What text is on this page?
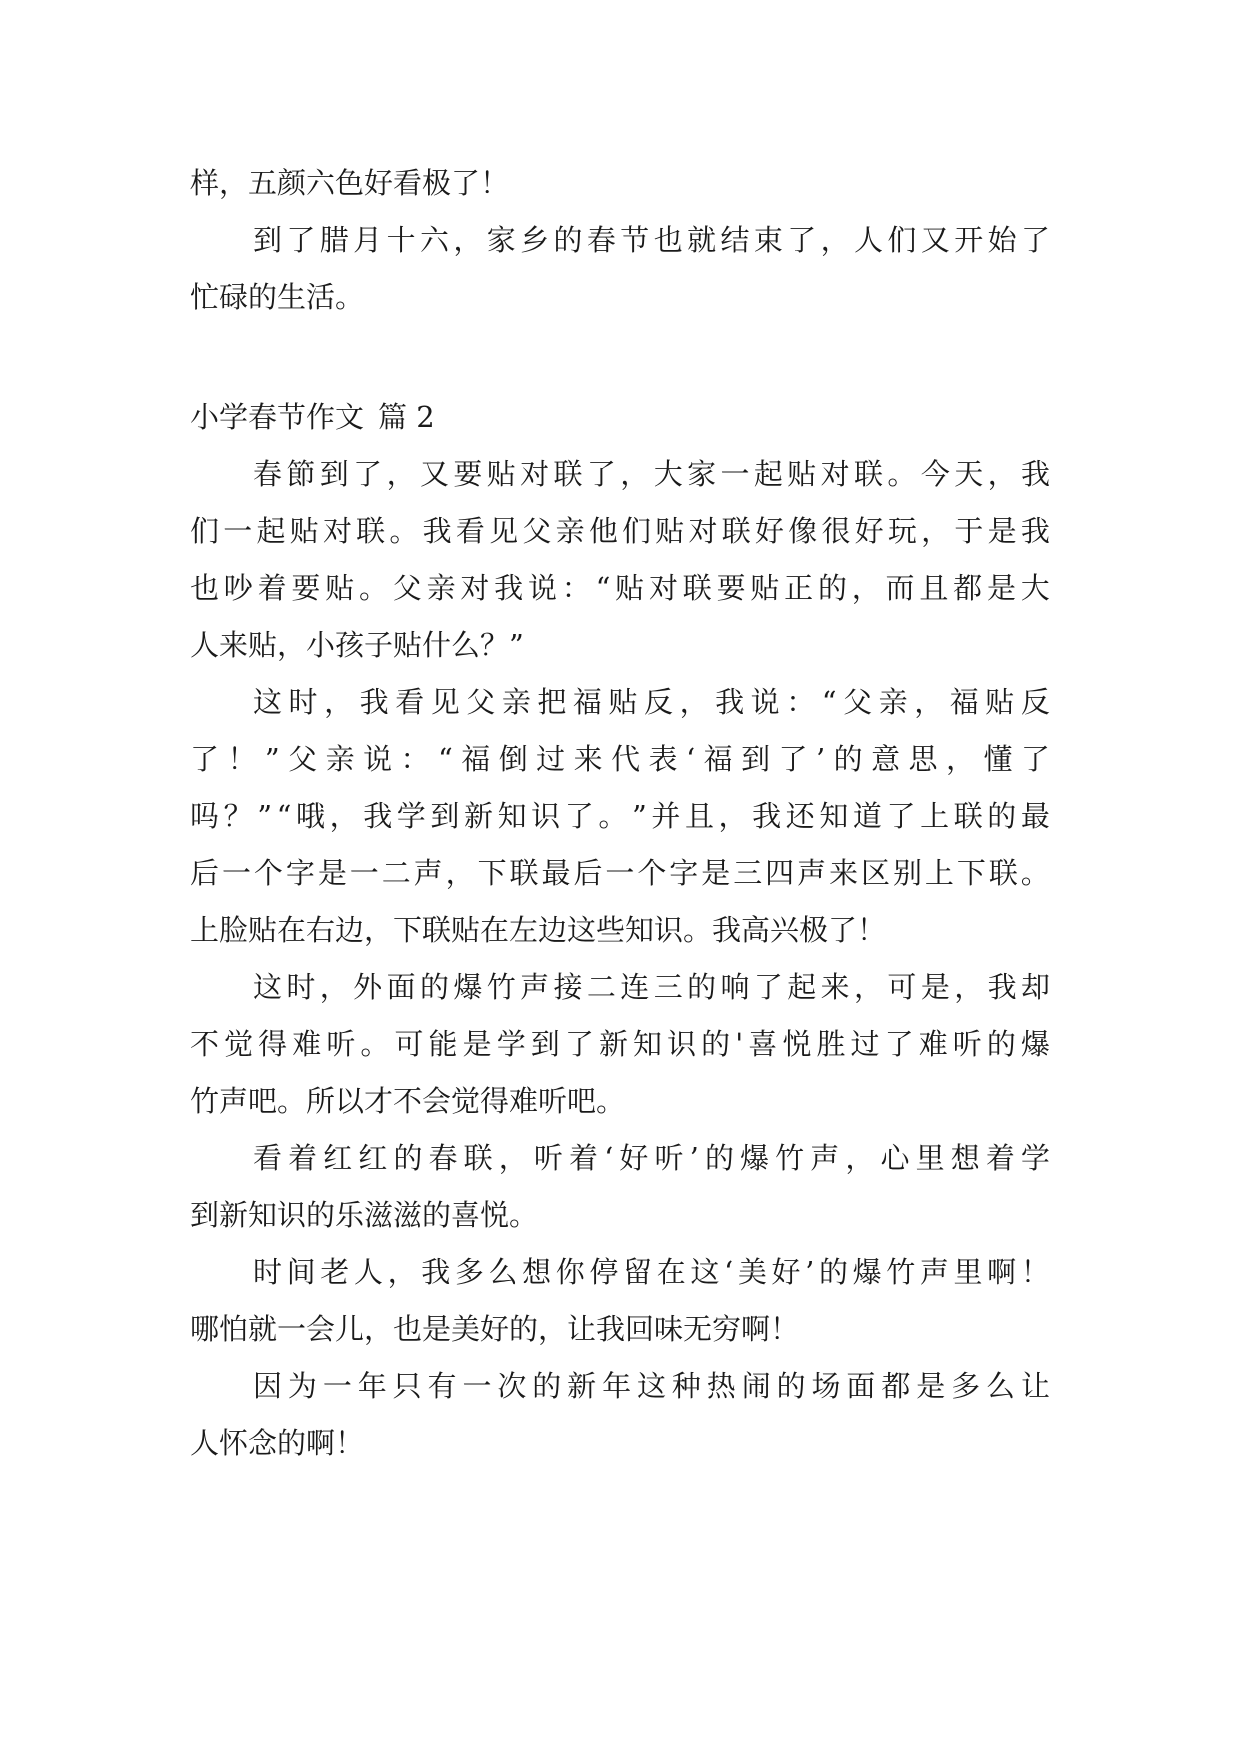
样，五颜六色好看极了！
到 了 腊 月 十 六 ， 家 乡 的 春 节 也 就 结 束 了 ， 人 们 又 开 始 了
忙碌的生活。
小学春节作文 篇 2
春 節 到 了 ， 又 要 贴 对 联 了 ， 大 家 一 起 贴 对 联 。 今 天 ， 我
们 一 起 贴 对 联 。 我 看 见 父 亲 他 们 贴 对 联 好 像 很 好 玩 ， 于 是 我
也 吵 着 要 贴 。 父 亲 对 我 说 ： “ 贴 对 联 要 贴 正 的 ， 而 且 都 是 大
人来贴，小孩子贴什么？”
这 时 ， 我 看 见 父 亲 把 福 贴 反 ， 我 说 ： “ 父 亲 ， 福 贴 反
了 ！ ” 父 亲 说 ： “ 福 倒 过 来 代 表 ‘ 福 到 了 ’ 的 意 思 ， 懂 了
吗 ？ ” “ 哦 ， 我 学 到 新 知 识 了 。 ” 并 且 ， 我 还 知 道 了 上 联 的 最
后 一 个 字 是 一 二 声 ， 下 联 最 后 一 个 字 是 三 四 声 来 区 别 上 下 联 。
上脸贴在右边，下联贴在左边这些知识。我高兴极了！
这 时 ， 外 面 的 爆 竹 声 接 二 连 三 的 响 了 起 来 ， 可 是 ， 我 却
不 觉 得 难 听 。 可 能 是 学 到 了 新 知 识 的 ' 喜 悦 胜 过 了 难 听 的 爆
竹声吧。所以才不会觉得难听吧。
看 着 红 红 的 春 联 ， 听 着 ‘ 好 听 ’ 的 爆 竹 声 ， 心 里 想 着 学
到新知识的乐滋滋的喜悦。
时 间 老 人 ， 我 多 么 想 你 停 留 在 这 ‘ 美 好 ’ 的 爆 竹 声 里 啊 ！
哪怕就一会儿，也是美好的，让我回味无穷啊！
因 为 一 年 只 有 一 次 的 新 年 这 种 热 闹 的 场 面 都 是 多 么 让
人怀念的啊！
